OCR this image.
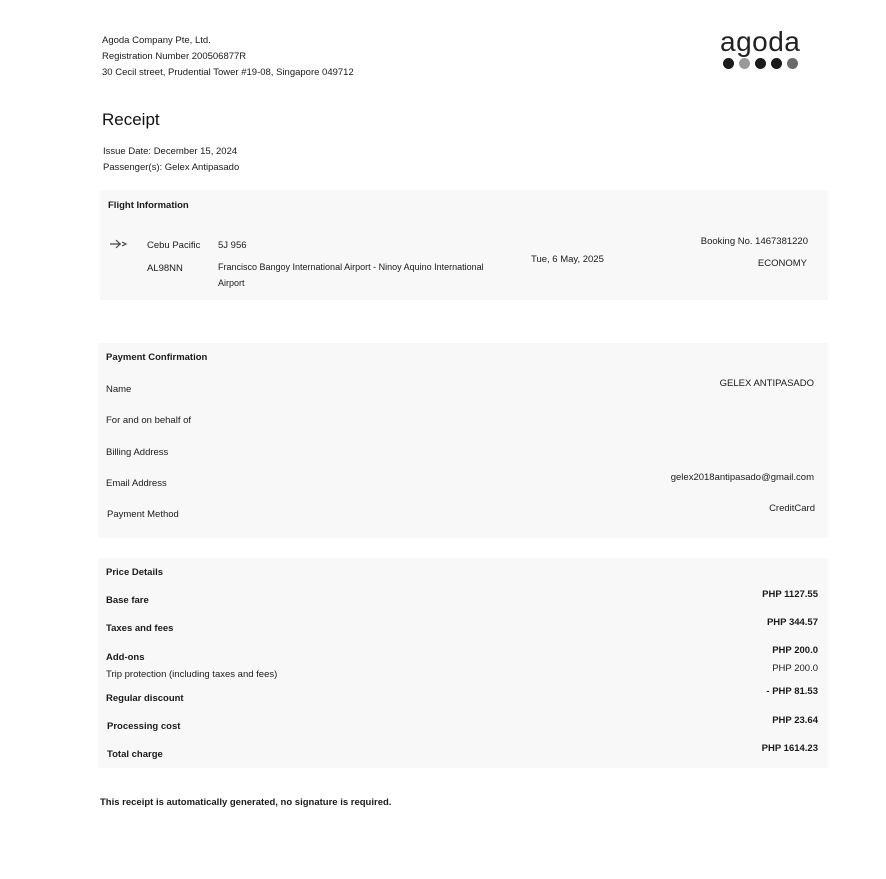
Agoda Company Pte, Ltd.
Registration Number 200506877R
30 Cecil street, Prudential Tower #19-08, Singapore 049712
agoda
Receipt
Issue Date: December 15, 2024
Passenger(s): Gelex Antipasado
Flight Information
Cebu Pacific 5J 956
AL98NN	Francisco Bangoy International Airport - Ninoy Aquino International
Airport
Tue, 6 May, 2025
Booking No. 1467381220
ECONOMY
Payment Confirmation
Name
GELEX ANTIPASADO
For and on behalf of
Billing Address
Email Address
gelex2018antipasado@gmail.com
Payment Method
CreditCard
Price Details
Base fare
PHP 1127.55
Taxes and fees
PHP 344.57
Add-ons
PHP 200.0
Trip protection (including taxes and fees)
PHP 200.0
Regular discount
- PHP 81.53
Processing cost
PHP 23.64
Total charge
PHP 1614.23
This receipt is automatically generated, no signature is required.
